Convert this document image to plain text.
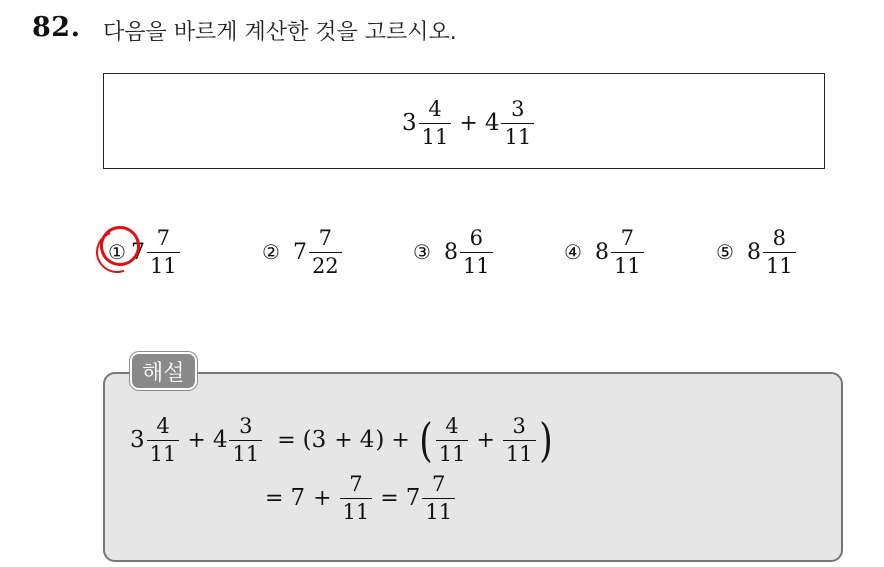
82. 다음을 바르게 계산한 것을 고르시오.
$3 \frac{4}{11} + 4 \frac{3}{11}$
① $7 \frac{7}{11}$	② $7 \frac{7}{22}$	③ $8 \frac{6}{11}$	④ $8 \frac{7}{11}$	⑤ $8 \frac{8}{11}$
해설
$3 \frac{4}{11} + 4 \frac{3}{11}$ = ( 3 + 4 ) + ( $\frac{4}{11} + \frac{3}{11}$ )
= $7 + \frac{7}{11} = 7 \frac{7}{11}$
